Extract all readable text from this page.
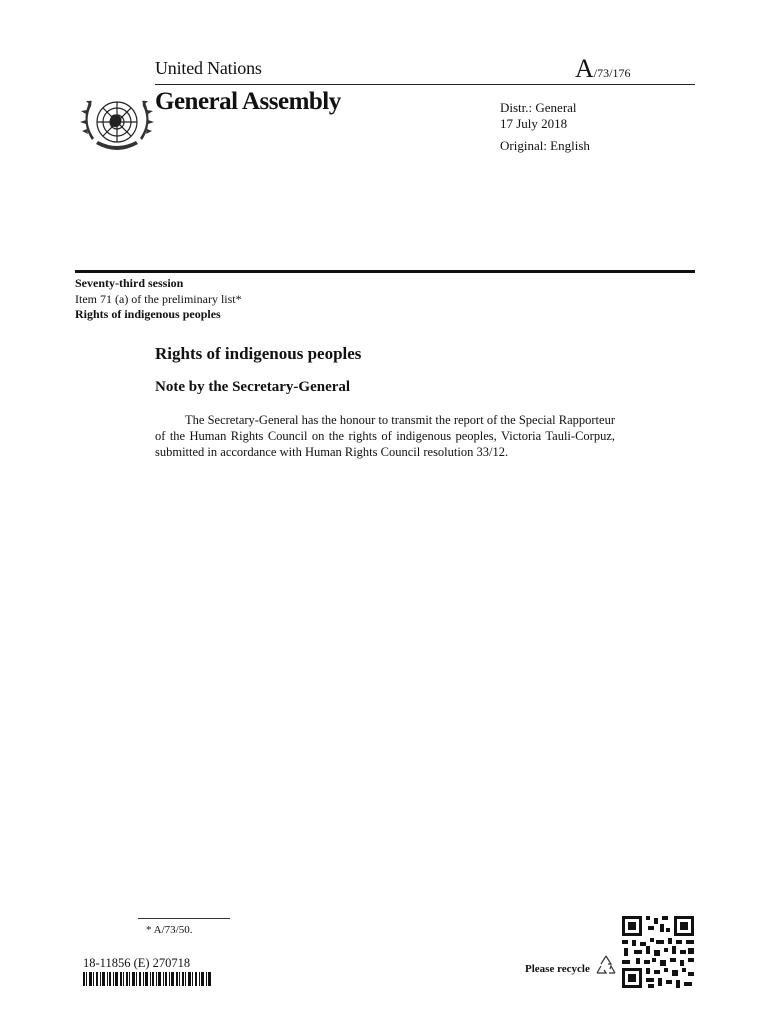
United Nations	A/73/176
General Assembly	Distr.: General
17 July 2018
Original: English
Seventy-third session
Item 71 (a) of the preliminary list*
Rights of indigenous peoples
Rights of indigenous peoples
Note by the Secretary-General
The Secretary-General has the honour to transmit the report of the Special Rapporteur of the Human Rights Council on the rights of indigenous peoples, Victoria Tauli-Corpuz, submitted in accordance with Human Rights Council resolution 33/12.
* A/73/50.
18-11856 (E) 270718	Please recycle
